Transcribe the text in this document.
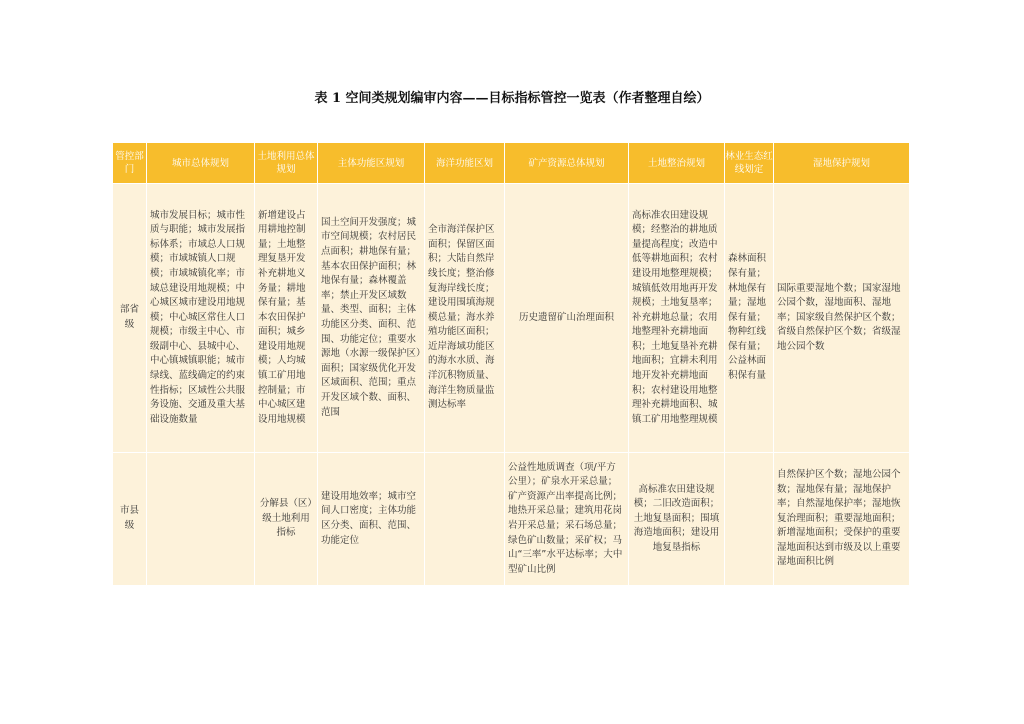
表 1 空间类规划编审内容——目标指标管控一览表（作者整理自绘）
管控部门	城市总体规划	土地利用总体规划	主体功能区规划	海洋功能区划	矿产资源总体规划	土地整治规划	林业生态红线划定	湿地保护规划
部省级	城市发展目标；城市性质与职能；城市发展指标体系；市域总人口规模；市域城镇人口规模；市域城镇化率；市域总建设用地规模；中心城区城市建设用地规模；中心城区常住人口规模；市级主中心、市级副中心、县城中心、中心镇城镇职能；城市绿线、蓝线确定的约束性指标；区域性公共服务设施、交通及重大基础设施数量	新增建设占用耕地控制量；土地整理复垦开发补充耕地义务量；耕地保有量；基本农田保护面积；城乡建设用地规模；人均城镇工矿用地控制量；市中心城区建设用地规模	国土空间开发强度；城市空间规模；农村居民点面积；耕地保有量；基本农田保护面积；林地保有量；森林覆盖率；禁止开发区域数量、类型、面积；主体功能区分类、面积、范围、功能定位；重要水源地（水源一级保护区）面积；国家级优化开发区域面积、范围；重点开发区域个数、面积、范围	全市海洋保护区面积；保留区面积；大陆自然岸线长度；整治修复海岸线长度；建设用围填海规模总量；海水养殖功能区面积；近岸海域功能区的海水水质、海洋沉积物质量、海洋生物质量监测达标率	历史遗留矿山治理面积	高标准农田建设规模；经整治的耕地质量提高程度；改造中低等耕地面积；农村建设用地整理规模；城镇低效用地再开发规模；土地复垦率；补充耕地总量；农用地整理补充耕地面积；土地复垦补充耕地面积；宜耕未利用地开发补充耕地面积；农村建设用地整理补充耕地面积、城镇工矿用地整理规模	森林面积保有量；林地保有量；湿地保有量；物种红线保有量；公益林面积保有量	国际重要湿地个数；国家湿地公园个数，湿地面积、湿地率；国家级自然保护区个数；省级自然保护区个数；省级湿地公园个数
市县级		分解县（区）级土地利用指标	建设用地效率；城市空间人口密度；主体功能区分类、面积、范围、功能定位		公益性地质调查（项/平方公里）；矿泉水开采总量；矿产资源产出率提高比例；地热开采总量；建筑用花岗岩开采总量；采石场总量；绿色矿山数量；采矿权；马山“三率”水平达标率；大中型矿山比例	高标准农田建设规模；二旧改造面积；土地复垦面积；围填海造地面积；建设用地复垦指标		自然保护区个数；湿地公园个数；湿地保有量；湿地保护率；自然湿地保护率；湿地恢复治理面积；重要湿地面积；新增湿地面积；受保护的重要湿地面积达到市级及以上重要湿地面积比例
